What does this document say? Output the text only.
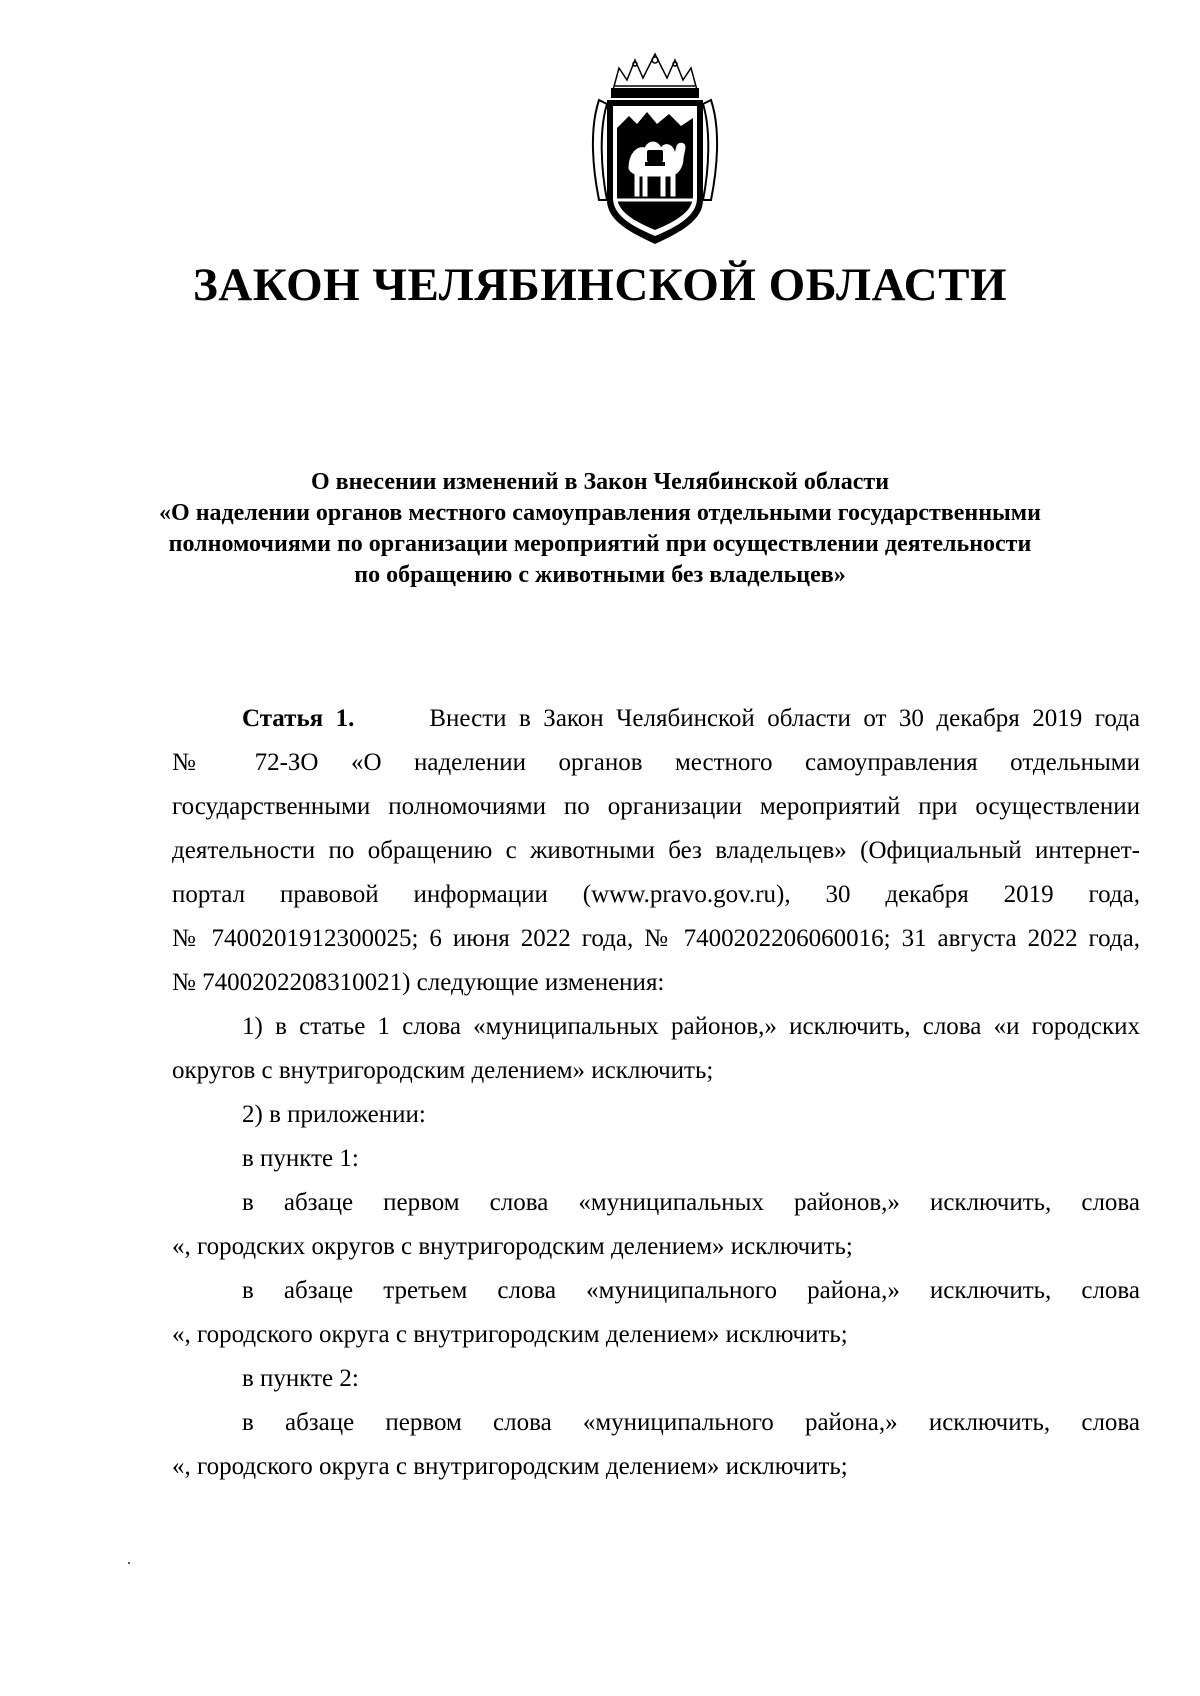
ЗАКОН ЧЕЛЯБИНСКОЙ ОБЛАСТИ
О внесении изменений в Закон Челябинской области
«О наделении органов местного самоуправления отдельными государственными
полномочиями по организации мероприятий при осуществлении деятельности
по обращению с животными без владельцев»
Статья 1.	Внести в Закон Челябинской области от 30 декабря 2019 года
№ 72-ЗО «О наделении органов местного самоуправления отдельными
государственными полномочиями по организации мероприятий при осуществлении
деятельности по обращению с животными без владельцев» (Официальный интернет-
портал правовой информации (www.pravo.gov.ru), 30 декабря 2019 года,
№ 7400201912300025; 6 июня 2022 года, № 7400202206060016; 31 августа 2022 года,
№ 7400202208310021) следующие изменения:
1) в статье 1 слова «муниципальных районов,» исключить, слова «и городских
округов с внутригородским делением» исключить;
2) в приложении:
в пункте 1:
в абзаце первом слова «муниципальных районов,» исключить, слова
«, городских округов с внутригородским делением» исключить;
в абзаце третьем слова «муниципального района,» исключить, слова
«, городского округа с внутригородским делением» исключить;
в пункте 2:
в абзаце первом слова «муниципального района,» исключить, слова
«, городского округа с внутригородским делением» исключить;
